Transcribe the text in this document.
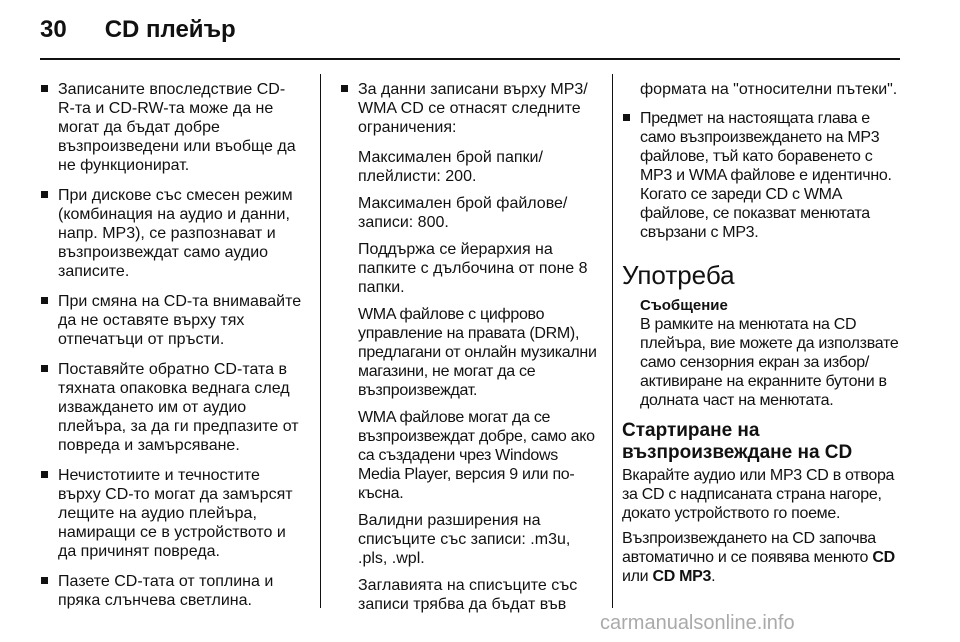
30 CD плейър
Записаните впоследствие CD-R-та и CD-RW-та може да не могат да бъдат добре възпроизведени или въобще да не функционират.
При дискове със смесен режим (комбинация на аудио и данни, напр. MP3), се разпознават и възпроизвеждат само аудио записите.
При смяна на CD-та внимавайте да не оставяте върху тях отпечатъци от пръсти.
Поставяйте обратно CD-тата в тяхната опаковка веднага след изваждането им от аудио плейъра, за да ги предпазите от повреда и замърсяване.
Нечистотиите и течностите върху CD-то могат да замърсят лещите на аудио плейъра, намиращи се в устройството и да причинят повреда.
Пазете CD-тата от топлина и пряка слънчева светлина.
За данни записани върху MP3/ WMA CD се отнасят следните ограничения:

Максимален брой папки/ плейлисти: 200.

Максимален брой файлове/ записи: 800.

Поддържа се йерархия на папките с дълбочина от поне 8 папки.

WMA файлове с цифрово управление на правата (DRM), предлагани от онлайн музикални магазини, не могат да се възпроизвеждат.

WMA файлове могат да се възпроизвеждат добре, само ако са създадени чрез Windows Media Player, версия 9 или по-късна.

Валидни разширения на списъците със записи: .m3u, .pls, .wpl.

Заглавията на списъците със записи трябва да бъдат във

формата на "относителни пътеки".

Предмет на настоящата глава е само възпроизвеждането на MP3 файлове, тъй като боравенето с MP3 и WMA файлове е идентично. Когато се зареди CD с WMA файлове, се показват менютата свързани с MP3.
Употреба
Съобщение
В рамките на менютата на CD плейъра, вие можете да използвате само сензорния екран за избор/активиране на екранните бутони в долната част на менютата.
Стартиране на възпроизвеждане на CD

Вкарайте аудио или MP3 CD в отвора за CD с надписаната страна нагоре, докато устройството го поеме.

Възпроизвеждането на CD започва автоматично и се появява менюто CD или CD MP3.

carmanualsonline.info
